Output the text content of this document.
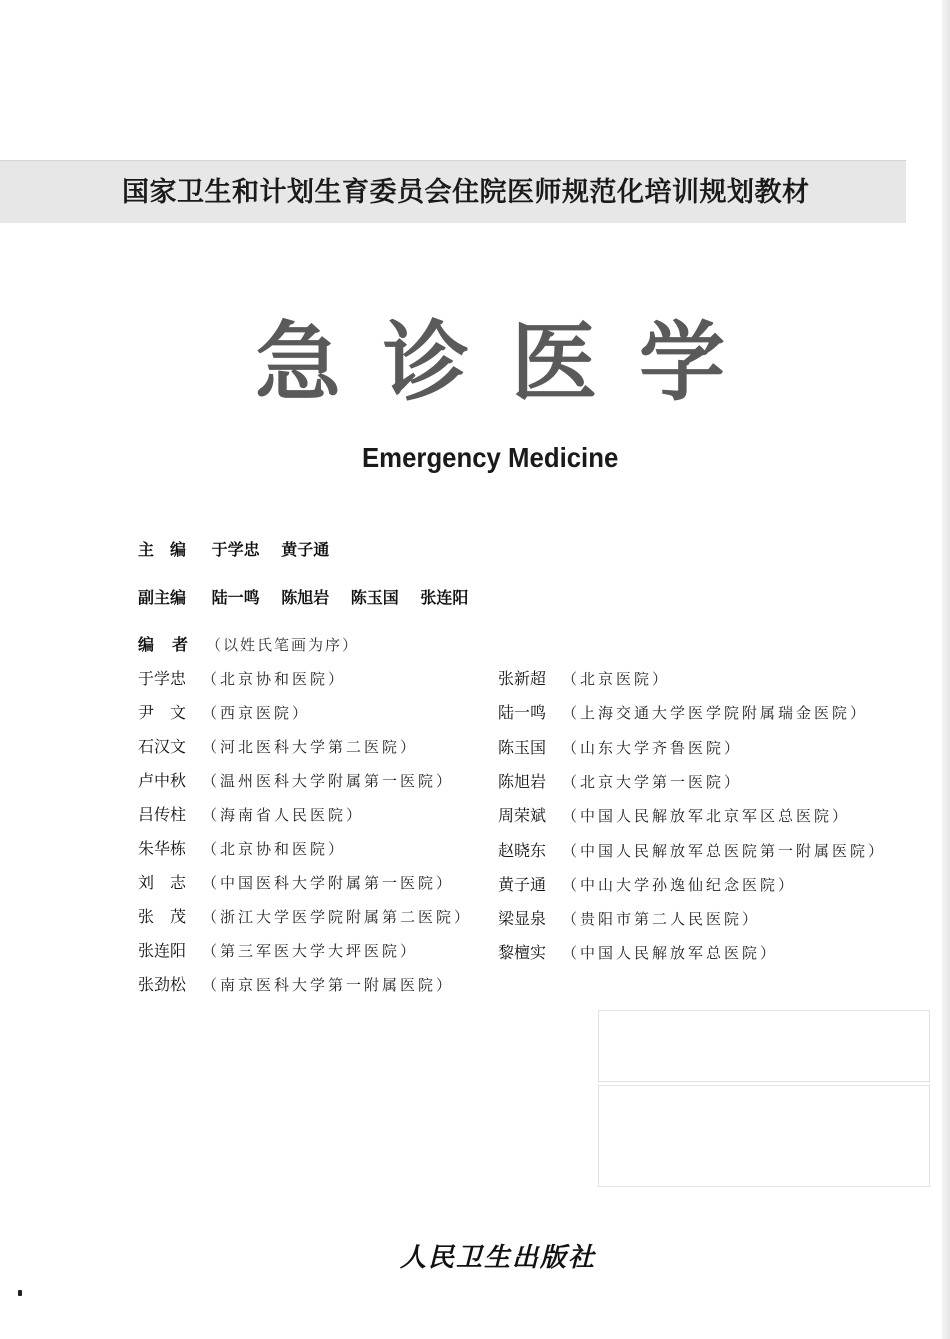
国家卫生和计划生育委员会住院医师规范化培训规划教材
急诊医学
Emergency Medicine
主　编 于学忠 黄子通
副主编 陆一鸣 陈旭岩 陈玉国 张连阳
编者（以姓氏笔画为序）
于学忠 （北京协和医院）
尹　文 （西京医院）
石汉文 （河北医科大学第二医院）
卢中秋 （温州医科大学附属第一医院）
吕传柱 （海南省人民医院）
朱华栋 （北京协和医院）
刘　志 （中国医科大学附属第一医院）
张　茂 （浙江大学医学院附属第二医院）
张连阳 （第三军医大学大坪医院）
张劲松 （南京医科大学第一附属医院）
张新超 （北京医院）
陆一鸣 （上海交通大学医学院附属瑞金医院）
陈玉国 （山东大学齐鲁医院）
陈旭岩 （北京大学第一医院）
周荣斌 （中国人民解放军北京军区总医院）
赵晓东 （中国人民解放军总医院第一附属医院）
黄子通 （中山大学孙逸仙纪念医院）
梁显泉 （贵阳市第二人民医院）
黎檀实 （中国人民解放军总医院）
人民卫生出版社
